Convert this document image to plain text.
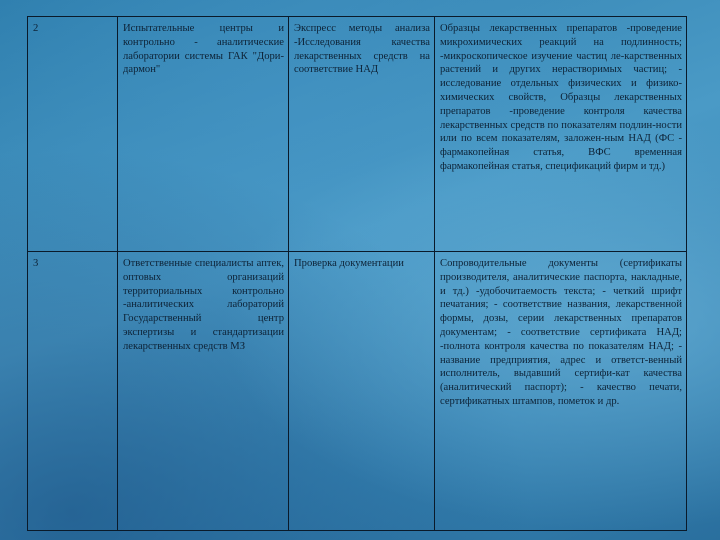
2	Испытательные центры и контрольно - аналитические лаборатории системы ГАК "Дори- дармон"	Экспресс методы анализа -Исследования качества лекарственных средств на соответствие НАД	Образцы лекарственных препаратов -проведение микрохимических реакций на подлинность; -микроскопическое изучение частиц ле-карственных растений и других нерастворимых частиц; - исследование отдельных физических и физико-химических свойств, Образцы лекарственных препаратов -проведение контроля качества лекарственных средств по показателям подлин-ности или по всем показателям, заложен-ным НАД (ФС - фармакопейная статья, ВФС временная фармакопейная статья, спецификаций фирм и тд.)
3	Ответственные специалисты аптек, оптовых организаций территориальных контрольно -аналитических лабораторий Государственный центр экспертизы и стандартизации лекарственных средств МЗ	Проверка документации	Сопроводительные документы (сертификаты производителя, аналитические паспорта, накладные, и тд.) -удобочитаемость текста; - четкий шрифт печатания; - соответствие названия, лекарственной формы, дозы, серии лекарственных препаратов документам; - соответствие сертификата НАД; -полнота контроля качества по показателям НАД; - название предприятия, адрес и ответст-венный исполнитель, выдавший сертифи-кат качества (аналитический паспорт); - качество печати, сертификатных штампов, пометок и др.
